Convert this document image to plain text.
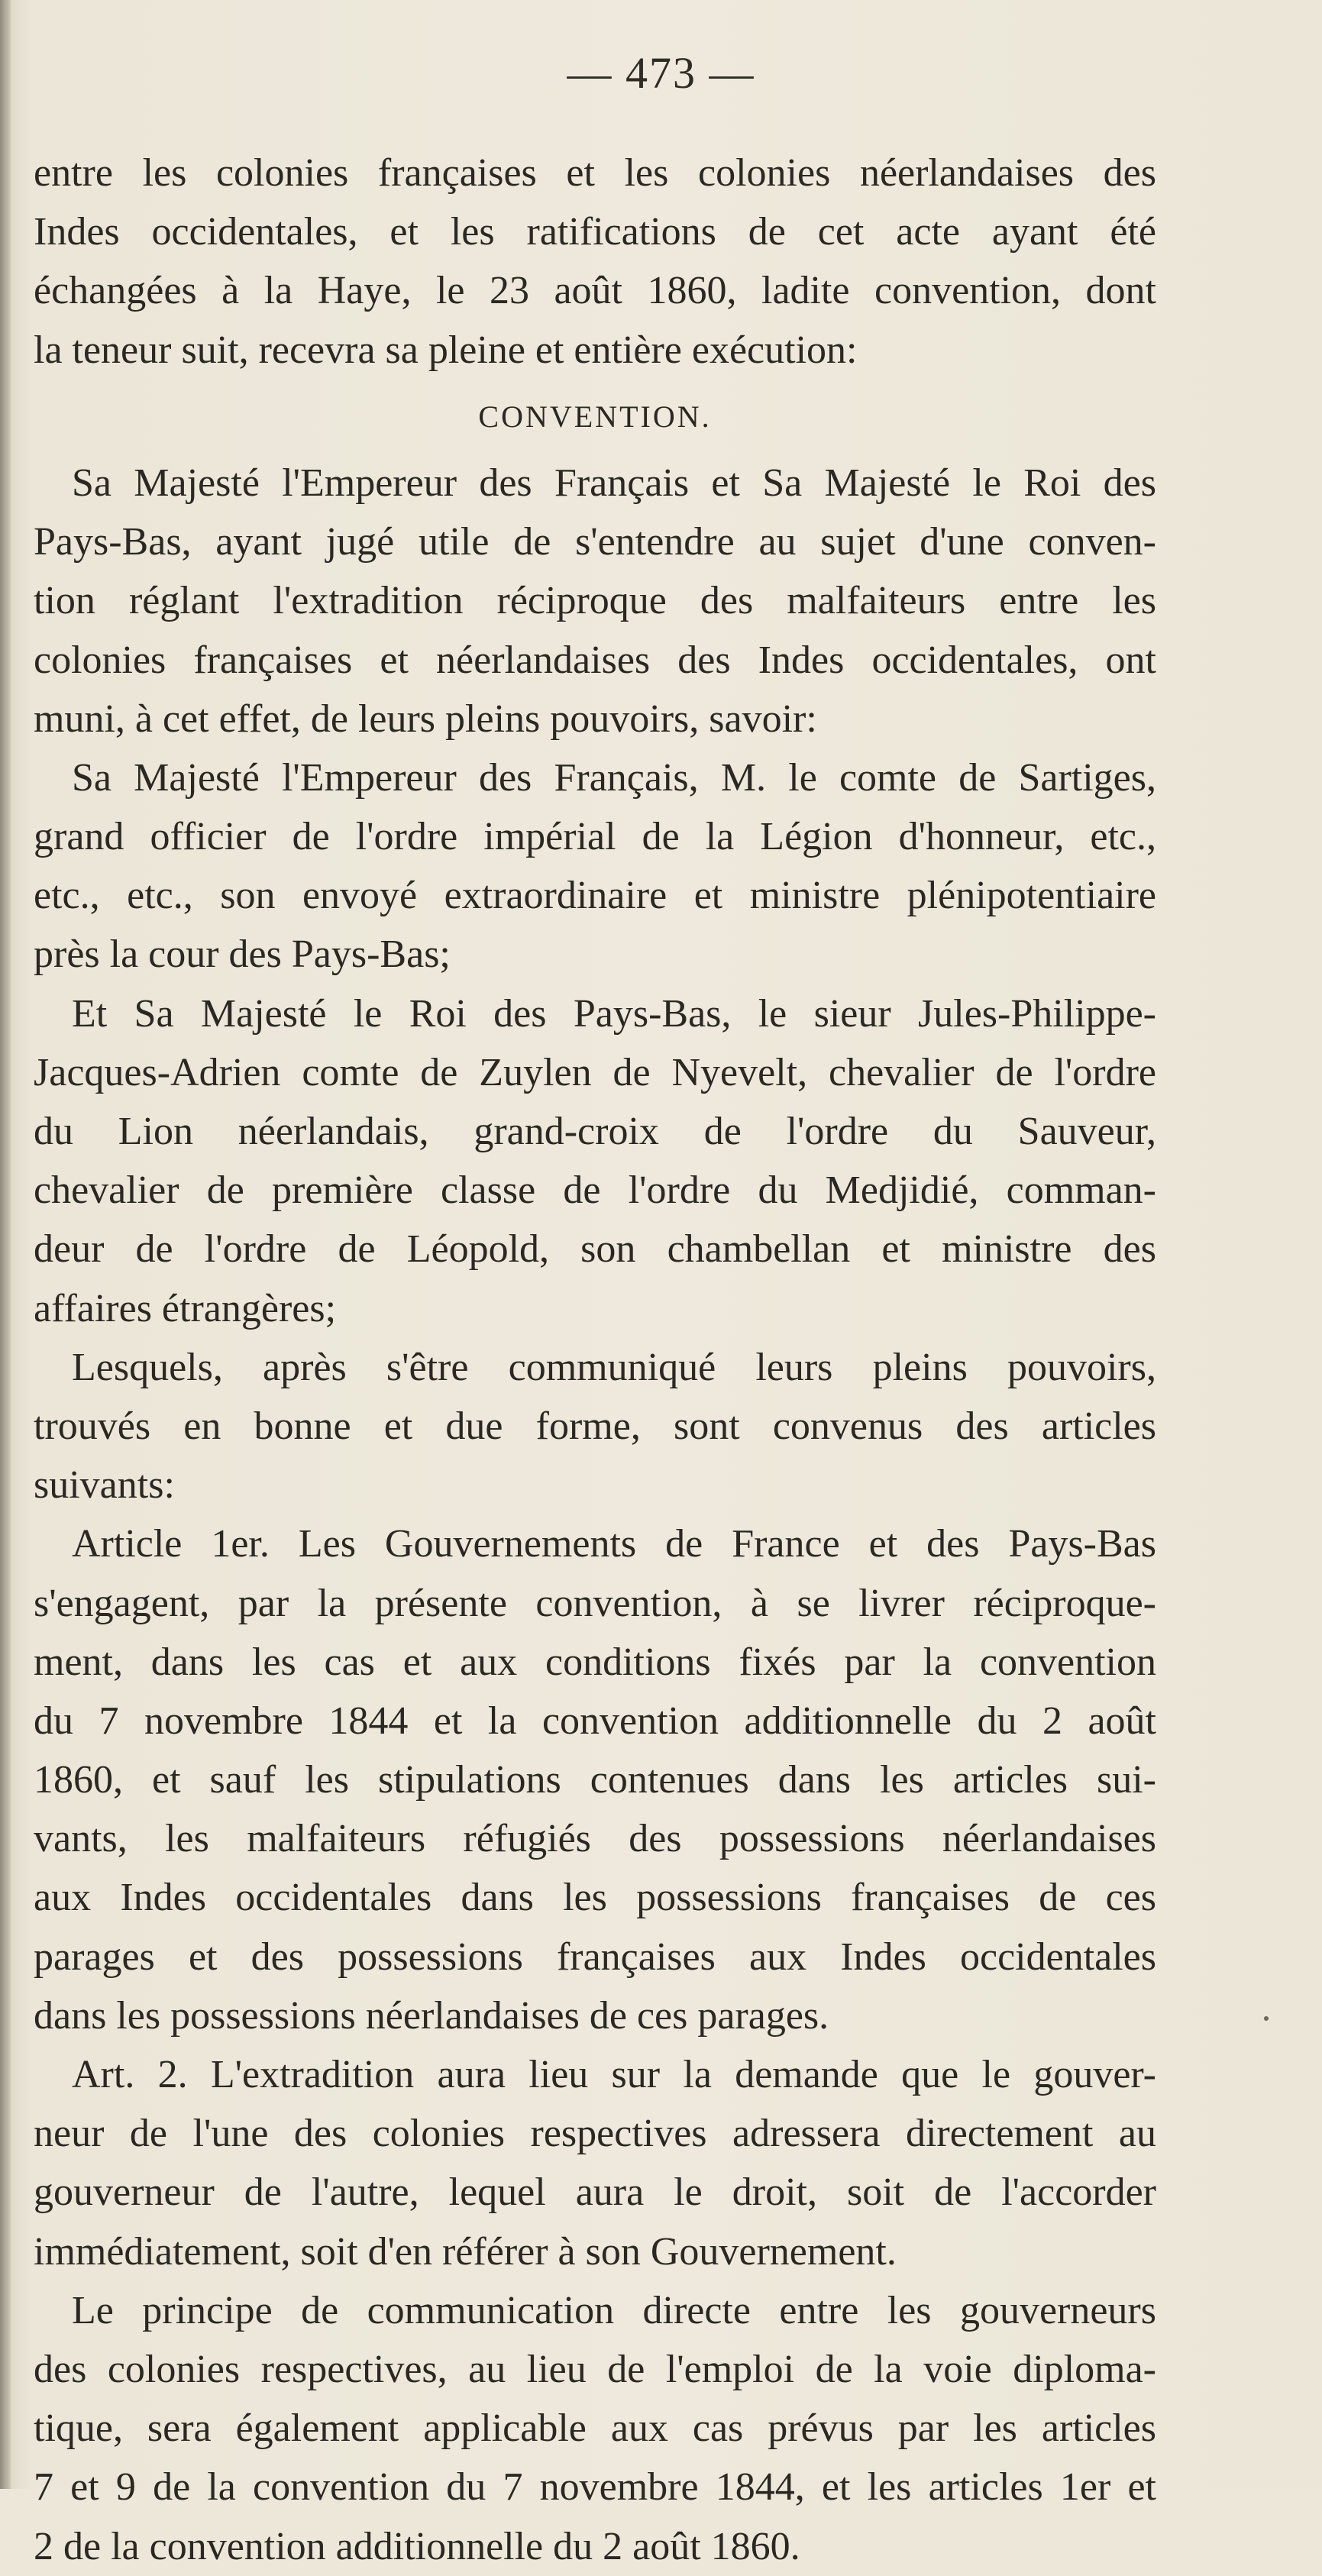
— 473 —
entre les colonies françaises et les colonies néerlandaises des
Indes occidentales, et les ratifications de cet acte ayant été
échangées à la Haye, le 23 août 1860, ladite convention, dont
la teneur suit, recevra sa pleine et entière exécution:
CONVENTION.
Sa Majesté l'Empereur des Français et Sa Majesté le Roi des
Pays-Bas, ayant jugé utile de s'entendre au sujet d'une conven-
tion réglant l'extradition réciproque des malfaiteurs entre les
colonies françaises et néerlandaises des Indes occidentales, ont
muni, à cet effet, de leurs pleins pouvoirs, savoir:
Sa Majesté l'Empereur des Français, M. le comte de Sartiges,
grand officier de l'ordre impérial de la Légion d'honneur, etc.,
etc., etc., son envoyé extraordinaire et ministre plénipotentiaire
près la cour des Pays-Bas;
Et Sa Majesté le Roi des Pays-Bas, le sieur Jules-Philippe-
Jacques-Adrien comte de Zuylen de Nyevelt, chevalier de l'ordre
du Lion néerlandais, grand-croix de l'ordre du Sauveur,
chevalier de première classe de l'ordre du Medjidié, comman-
deur de l'ordre de Léopold, son chambellan et ministre des
affaires étrangères;
Lesquels, après s'être communiqué leurs pleins pouvoirs,
trouvés en bonne et due forme, sont convenus des articles
suivants:
Article 1er. Les Gouvernements de France et des Pays-Bas
s'engagent, par la présente convention, à se livrer réciproque-
ment, dans les cas et aux conditions fixés par la convention
du 7 novembre 1844 et la convention additionnelle du 2 août
1860, et sauf les stipulations contenues dans les articles sui-
vants, les malfaiteurs réfugiés des possessions néerlandaises
aux Indes occidentales dans les possessions françaises de ces
parages et des possessions françaises aux Indes occidentales
dans les possessions néerlandaises de ces parages.
Art. 2. L'extradition aura lieu sur la demande que le gouver-
neur de l'une des colonies respectives adressera directement au
gouverneur de l'autre, lequel aura le droit, soit de l'accorder
immédiatement, soit d'en référer à son Gouvernement.
Le principe de communication directe entre les gouverneurs
des colonies respectives, au lieu de l'emploi de la voie diploma-
tique, sera également applicable aux cas prévus par les articles
7 et 9 de la convention du 7 novembre 1844, et les articles 1er et
2 de la convention additionnelle du 2 août 1860.
